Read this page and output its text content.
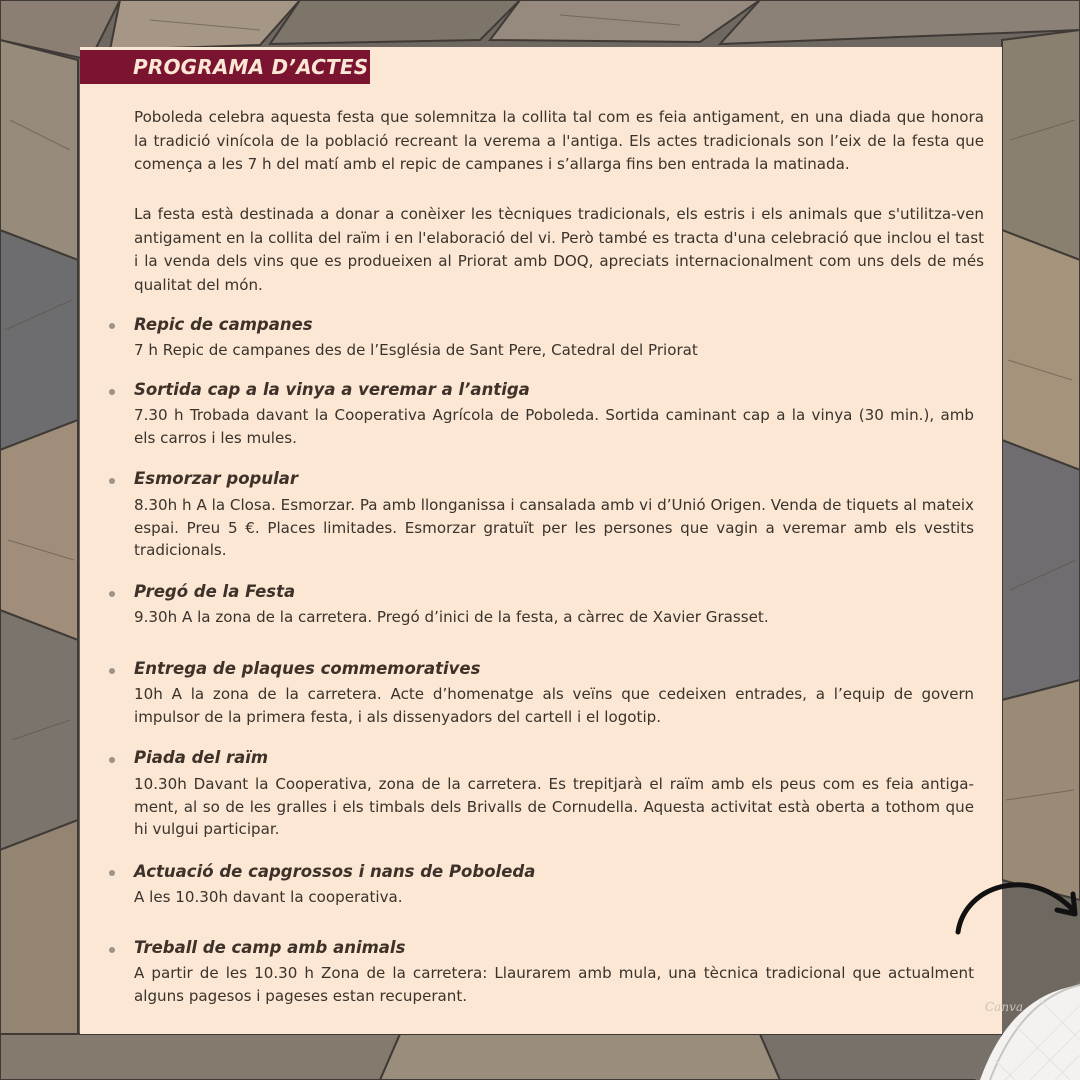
PROGRAMA D’ACTES
Poboleda celebra aquesta festa que solemnitza la collita tal com es feia antigament, en una diada que honora la tradició vinícola de la població recreant la verema a l'antiga. Els actes tradicionals son l’eix de la festa que comença a les 7 h del matí amb el repic de campanes i s’allarga fins ben entrada la matinada.
La festa està destinada a donar a conèixer les tècniques tradicionals, els estris i els animals que s'utilitza-ven antigament en la collita del raïm i en l'elaboració del vi. Però també es tracta d'una celebració que inclou el tast i la venda dels vins que es produeixen al Priorat amb DOQ, apreciats internacionalment com uns dels de més qualitat del món.
Repic de campanes
7 h Repic de campanes des de l’Església de Sant Pere, Catedral del Priorat
Sortida cap a la vinya a veremar a l’antiga
7.30 h Trobada davant la Cooperativa Agrícola de Poboleda. Sortida caminant cap a la vinya (30 min.), amb els carros i les mules.
Esmorzar popular
8.30h h A la Closa. Esmorzar. Pa amb llonganissa i cansalada amb vi d’Unió Origen. Venda de tiquets al mateix espai. Preu 5 €. Places limitades. Esmorzar gratuït per les persones que vagin a veremar amb els vestits tradicionals.
Pregó de la Festa
9.30h A la zona de la carretera. Pregó d’inici de la festa, a càrrec de Xavier Grasset.
Entrega de plaques commemoratives
10h A la zona de la carretera. Acte d’homenatge als veïns que cedeixen entrades, a l’equip de govern impulsor de la primera festa, i als dissenyadors del cartell i el logotip.
Piada del raïm
10.30h Davant la Cooperativa, zona de la carretera. Es trepitjarà el raïm amb els peus com es feia antiga-ment, al so de les gralles i els timbals dels Brivalls de Cornudella. Aquesta activitat està oberta a tothom que hi vulgui participar.
Actuació de capgrossos i nans de Poboleda
A les 10.30h davant la cooperativa.
Treball de camp amb animals
A partir de les 10.30 h Zona de la carretera: Llaurarem amb mula, una tècnica tradicional que actualment alguns pagesos i pageses estan recuperant.
Canva
